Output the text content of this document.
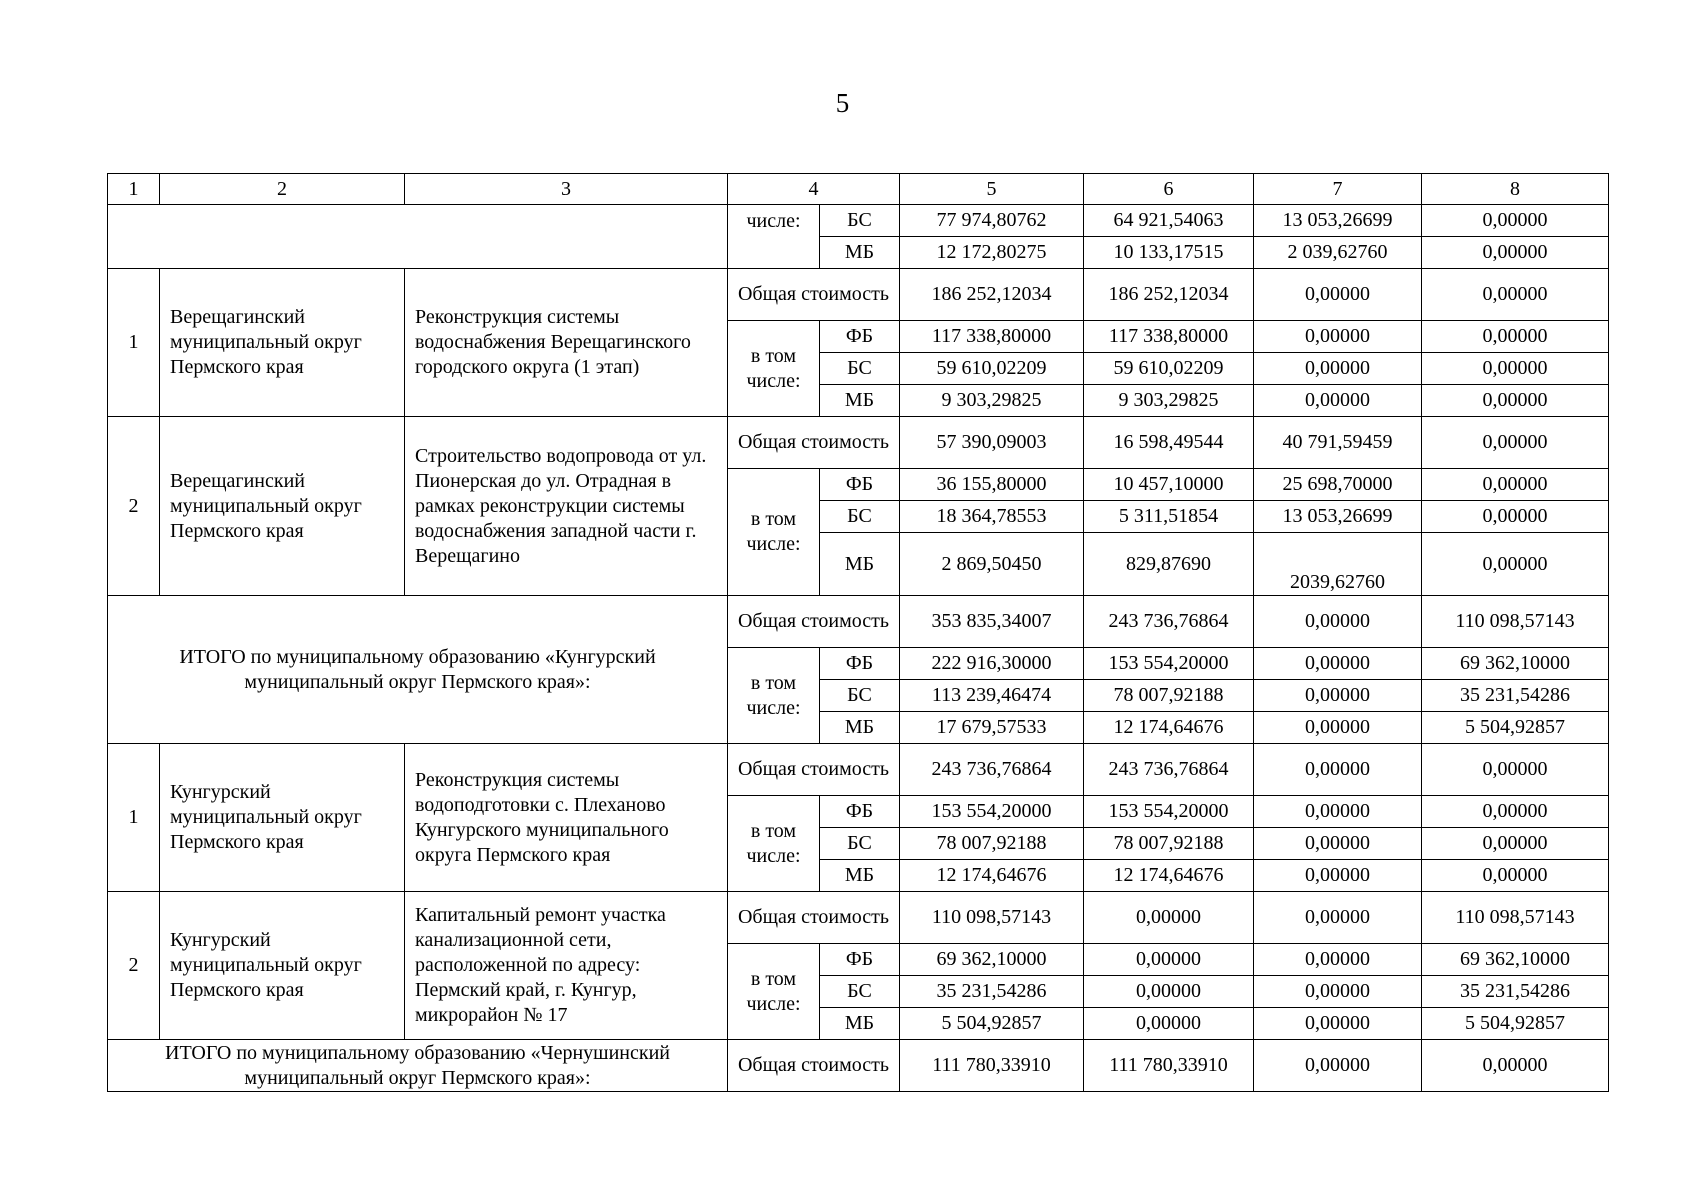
5
1	2	3	4		5	6	7	8
			числе:	БС	77 974,80762	64 921,54063	13 053,26699	0,00000
				МБ	12 172,80275	10 133,17515	2 039,62760	0,00000
1	Верещагинский муниципальный округ Пермского края	Реконструкция системы водоснабжения Верещагинского городского округа (1 этап)	Общая стоимость		186 252,12034	186 252,12034	0,00000	0,00000
			в том числе:	ФБ	117 338,80000	117 338,80000	0,00000	0,00000
				БС	59 610,02209	59 610,02209	0,00000	0,00000
				МБ	9 303,29825	9 303,29825	0,00000	0,00000
2	Верещагинский муниципальный округ Пермского края	Строительство водопровода от ул. Пионерская до ул. Отрадная в рамках реконструкции системы водоснабжения западной части г. Верещагино	Общая стоимость		57 390,09003	16 598,49544	40 791,59459	0,00000
			в том числе:	ФБ	36 155,80000	10 457,10000	25 698,70000	0,00000
				БС	18 364,78553	5 311,51854	13 053,26699	0,00000
				МБ	2 869,50450	829,87690	2039,62760	0,00000
ИТОГО по муниципальному образованию «Кунгурский муниципальный округ Пермского края»:			Общая стоимость		353 835,34007	243 736,76864	0,00000	110 098,57143
			в том числе:	ФБ	222 916,30000	153 554,20000	0,00000	69 362,10000
				БС	113 239,46474	78 007,92188	0,00000	35 231,54286
				МБ	17 679,57533	12 174,64676	0,00000	5 504,92857
1	Кунгурский муниципальный округ Пермского края	Реконструкция системы водоподготовки с. Плеханово Кунгурского муниципального округа Пермского края	Общая стоимость		243 736,76864	243 736,76864	0,00000	0,00000
			в том числе:	ФБ	153 554,20000	153 554,20000	0,00000	0,00000
				БС	78 007,92188	78 007,92188	0,00000	0,00000
				МБ	12 174,64676	12 174,64676	0,00000	0,00000
2	Кунгурский муниципальный округ Пермского края	Капитальный ремонт участка канализационной сети, расположенной по адресу: Пермский край, г. Кунгур, микрорайон № 17	Общая стоимость		110 098,57143	0,00000	0,00000	110 098,57143
			в том числе:	ФБ	69 362,10000	0,00000	0,00000	69 362,10000
				БС	35 231,54286	0,00000	0,00000	35 231,54286
				МБ	5 504,92857	0,00000	0,00000	5 504,92857
ИТОГО по муниципальному образованию «Чернушинский муниципальный округ Пермского края»:			Общая стоимость		111 780,33910	111 780,33910	0,00000	0,00000
